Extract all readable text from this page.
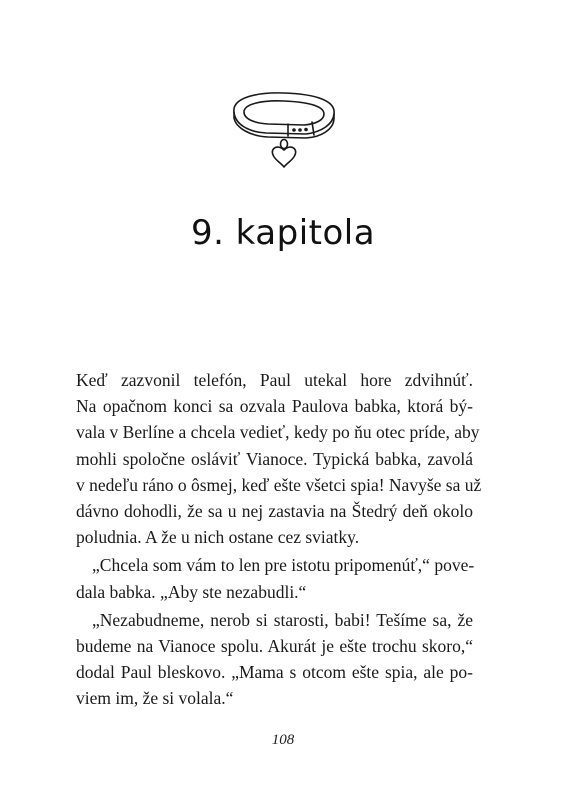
9. kapitola

Keď zazvonil telefón, Paul utekal hore zdvihnúť.
Na opačnom konci sa ozvala Paulova babka, ktorá bý-
vala v Berlíne a chcela vedieť, kedy po ňu otec príde, aby
mohli spoločne osláviť Vianoce. Typická babka, zavolá
v nedeľu ráno o ôsmej, keď ešte všetci spia! Navyše sa už
dávno dohodli, že sa u nej zastavia na Štedrý deň okolo
poludnia. A že u nich ostane cez sviatky.

„Chcela som vám to len pre istotu pripomenúť,“ pove-
dala babka. „Aby ste nezabudli.“

„Nezabudneme, nerob si starosti, babi! Tešíme sa, že
budeme na Vianoce spolu. Akurát je ešte trochu skoro,“
dodal Paul bleskovo. „Mama s otcom ešte spia, ale po-
viem im, že si volala.“

108
